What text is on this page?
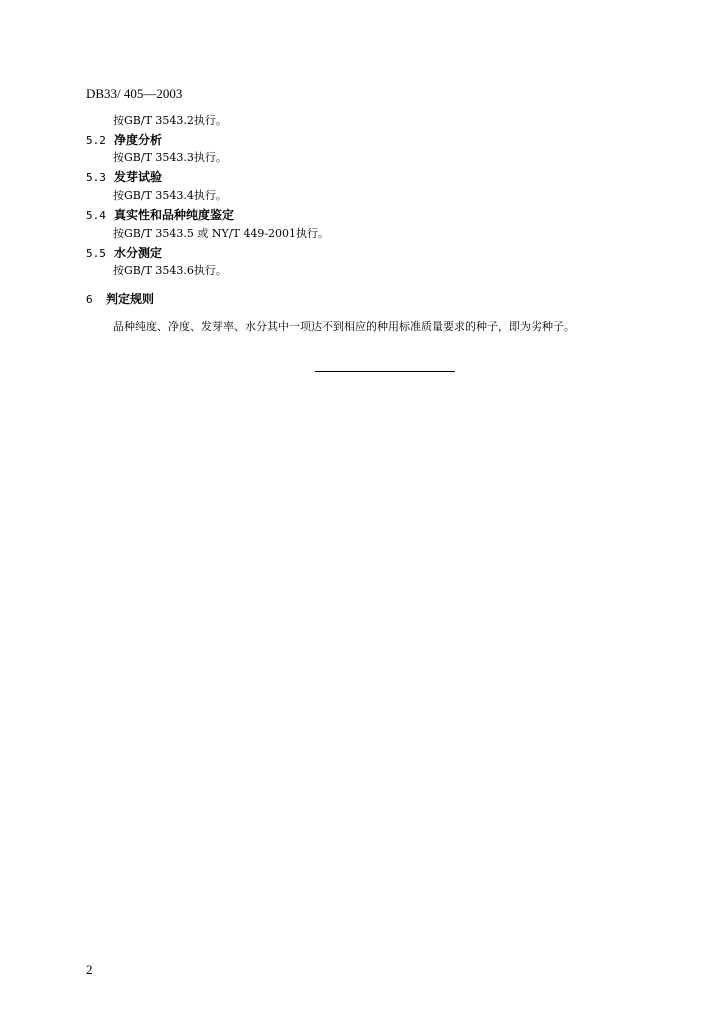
DB33/ 405—2003
按GB/T 3543.2执行。
5.2 净度分析
按GB/T 3543.3执行。
5.3 发芽试验
按GB/T 3543.4执行。
5.4 真实性和品种纯度鉴定
按GB/T 3543.5 或 NY/T 449-2001执行。
5.5 水分测定
按GB/T 3543.6执行。
6 判定规则
品种纯度、净度、发芽率、水分其中一项达不到相应的种用标准质量要求的种子，即为劣种子。
2
